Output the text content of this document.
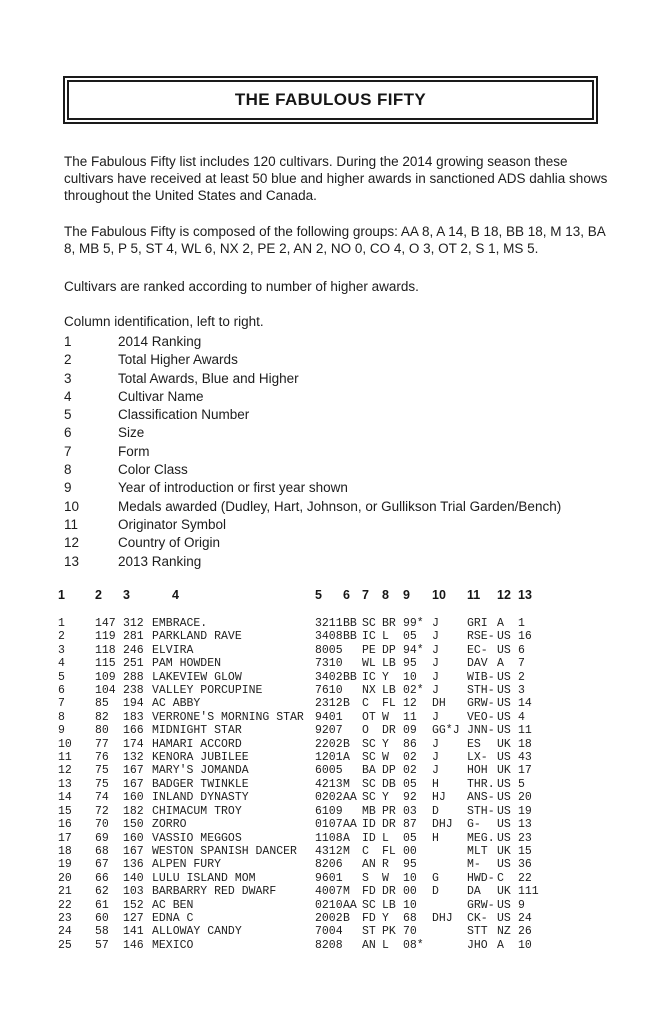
THE FABULOUS FIFTY

The Fabulous Fifty list includes 120 cultivars. During the 2014 growing season these cultivars have received at least 50 blue and higher awards in sanctioned ADS dahlia shows throughout the United States and Canada.

The Fabulous Fifty is composed of the following groups: AA 8, A 14, B 18, BB 18, M 13, BA 8, MB 5, P 5, ST 4, WL 6, NX 2, PE 2, AN 2, NO 0, CO 4, O 3, OT 2, S 1, MS 5.

Cultivars are ranked according to number of higher awards.

Column identification, left to right.

1	2014 Ranking
2	Total Higher Awards
3	Total Awards, Blue and Higher
4	Cultivar Name
5	Classification Number
6	Size
7	Form
8	Color Class
9	Year of introduction or first year shown
10	Medals awarded (Dudley, Hart, Johnson, or Gullikson Trial Garden/Bench)
11	Originator Symbol
12	Country of Origin
13	2013 Ranking
1	2	3	4	5	6	7	8	9	10	11	12	13
1	147	312	EMBRACE.	3211	BB	SC	BR	99*	J	GRI	A	1
2	119	281	PARKLAND RAVE	3408	BB	IC	L	05	J	RSE-	US	16
3	118	246	ELVIRA	8005		PE	DP	94*	J	EC-	US	6
4	115	251	PAM HOWDEN	7310		WL	LB	95	J	DAV	A	7
5	109	288	LAKEVIEW GLOW	3402	BB	IC	Y	10	J	WIB-	US	2
6	104	238	VALLEY PORCUPINE	7610		NX	LB	02*	J	STH-	US	3
7	85	194	AC ABBY	2312	B	C	FL	12	DH	GRW-	US	14
8	82	183	VERRONE'S MORNING STAR	9401		OT	W	11	J	VEO-	US	4
9	80	166	MIDNIGHT STAR	9207		O	DR	09	GG*J	JNN-	US	11
10	77	174	HAMARI ACCORD	2202	B	SC	Y	86	J	ES	UK	18
11	76	132	KENORA JUBILEE	1201	A	SC	W	02	J	LX-	US	43
12	75	167	MARY'S JOMANDA	6005		BA	DP	02	J	HOH	UK	17
13	75	167	BADGER TWINKLE	4213	M	SC	DB	05	H	THR.	US	5
14	74	160	INLAND DYNASTY	0202	AA	SC	Y	92	HJ	ANS-	US	20
15	72	182	CHIMACUM TROY	6109		MB	PR	03	D	STH-	US	19
16	70	150	ZORRO	0107	AA	ID	DR	87	DHJ	G-	US	13
17	69	160	VASSIO MEGGOS	1108	A	ID	L	05	H	MEG.	US	23
18	68	167	WESTON SPANISH DANCER	4312	M	C	FL	00		MLT	UK	15
19	67	136	ALPEN FURY	8206		AN	R	95		M-	US	36
20	66	140	LULU ISLAND MOM	9601		S	W	10	G	HWD-	C	22
21	62	103	BARBARRY RED DWARF	4007	M	FD	DR	00	D	DA	UK	111
22	61	152	AC BEN	0210	AA	SC	LB	10		GRW-	US	9
23	60	127	EDNA C	2002	B	FD	Y	68	DHJ	CK-	US	24
24	58	141	ALLOWAY CANDY	7004		ST	PK	70		STT	NZ	26
25	57	146	MEXICO	8208		AN	L	08*		JHO	A	10
